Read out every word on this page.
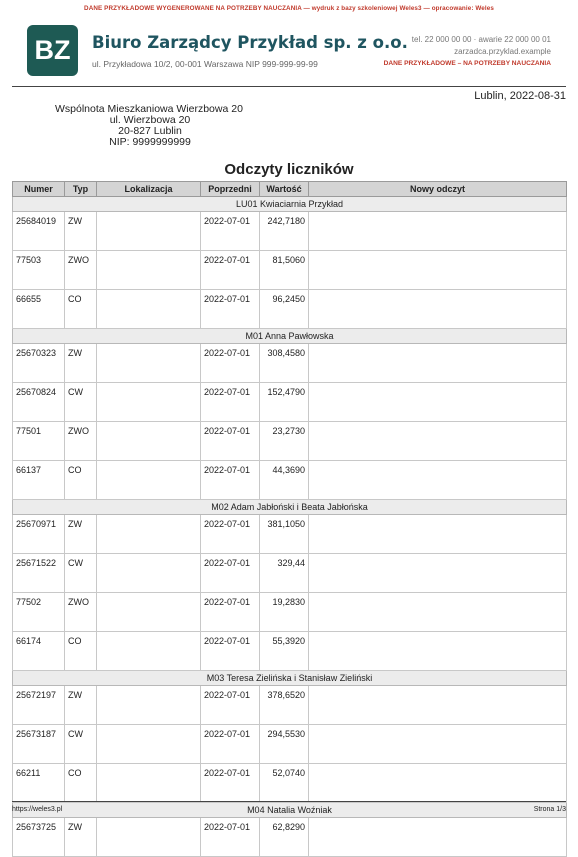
DANE PRZYKŁADOWE WYGENEROWANE NA POTRZEBY NAUCZANIA — wydruk z bazy szkoleniowej Weles3 — opracowanie: Weles
BZ	Biuro Zarządcy Przykład sp. z o.o.
ul. Przykładowa 10/2, 00-001 Warszawa NIP 999-999-99-99
tel. 22 000 00 00 · awarie 22 000 00 01
zarzadca.przyklad.example
DANE PRZYKŁADOWE – NA POTRZEBY NAUCZANIA
Lublin, 2022-08-31
Wspólnota Mieszkaniowa Wierzbowa 20
ul. Wierzbowa 20
20-827 Lublin
NIP: 9999999999
Odczyty liczników
Numer	Typ	Lokalizacja	Poprzedni	Wartość	Nowy odczyt
LU01 Kwiaciarnia Przykład					
25684019	ZW		2022-07-01	242,7180	
77503	ZWO		2022-07-01	81,5060	
66655	CO		2022-07-01	96,2450	
M01 Anna Pawłowska					
25670323	ZW		2022-07-01	308,4580	
25670824	CW		2022-07-01	152,4790	
77501	ZWO		2022-07-01	23,2730	
66137	CO		2022-07-01	44,3690	
M02 Adam Jabłoński i Beata Jabłońska					
25670971	ZW		2022-07-01	381,1050	
25671522	CW		2022-07-01	329,44	
77502	ZWO		2022-07-01	19,2830	
66174	CO		2022-07-01	55,3920	
M03 Teresa Zielińska i Stanisław Zieliński					
25672197	ZW		2022-07-01	378,6520	
25673187	CW		2022-07-01	294,5530	
66211	CO		2022-07-01	52,0740	
M04 Natalia Woźniak					
25673725	ZW		2022-07-01	62,8290	
https://weles3.pl	Strona 1/3
